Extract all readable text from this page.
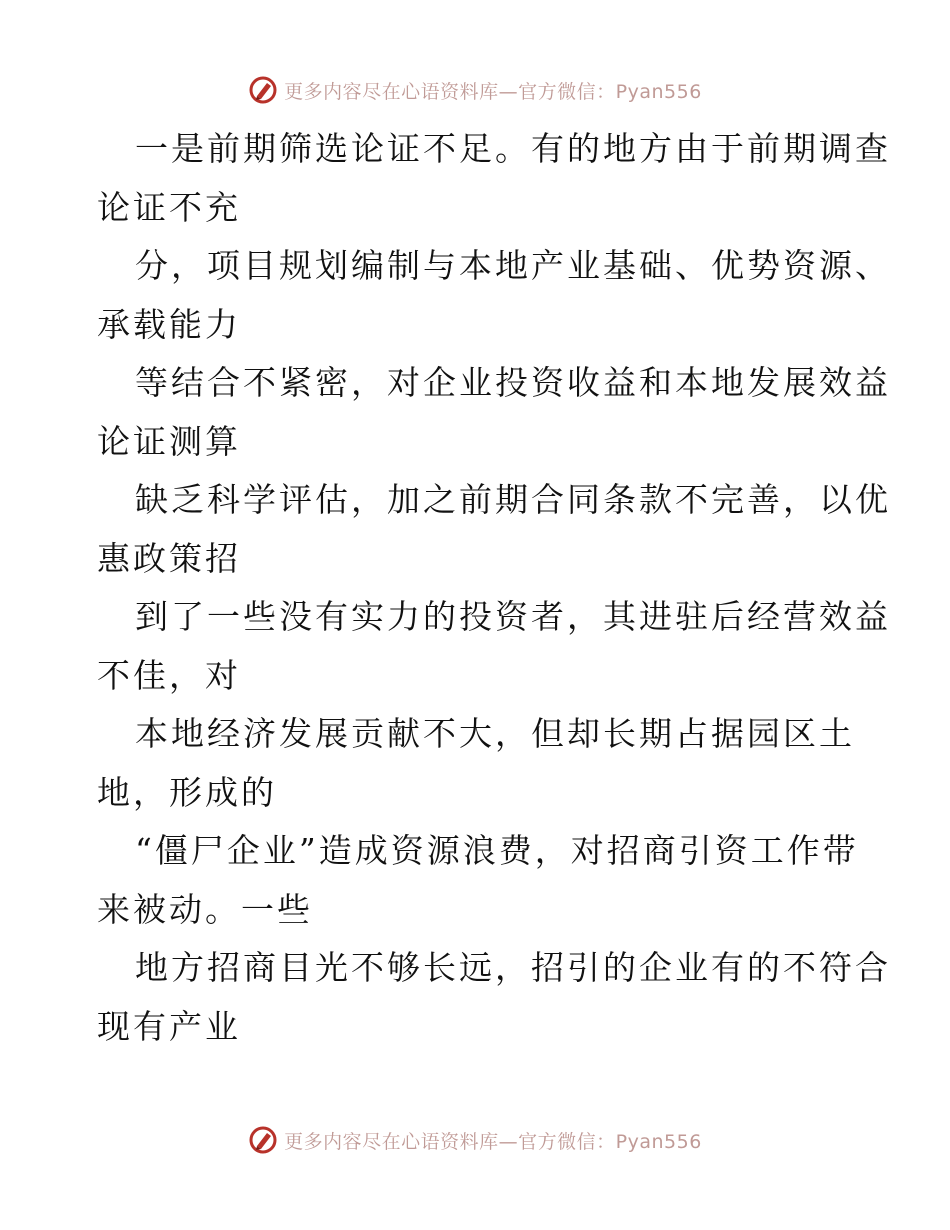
更多内容尽在心语资料库—官方微信：Pyan556
一是前期筛选论证不足。有的地方由于前期调查
论证不充
分，项目规划编制与本地产业基础、优势资源、
承载能力
等结合不紧密，对企业投资收益和本地发展效益
论证测算
缺乏科学评估，加之前期合同条款不完善，以优
惠政策招
到了一些没有实力的投资者，其进驻后经营效益
不佳，对
本地经济发展贡献不大，但却长期占据园区土
地，形成的
“僵尸企业”造成资源浪费，对招商引资工作带
来被动。一些
地方招商目光不够长远，招引的企业有的不符合
现有产业
更多内容尽在心语资料库—官方微信：Pyan556
